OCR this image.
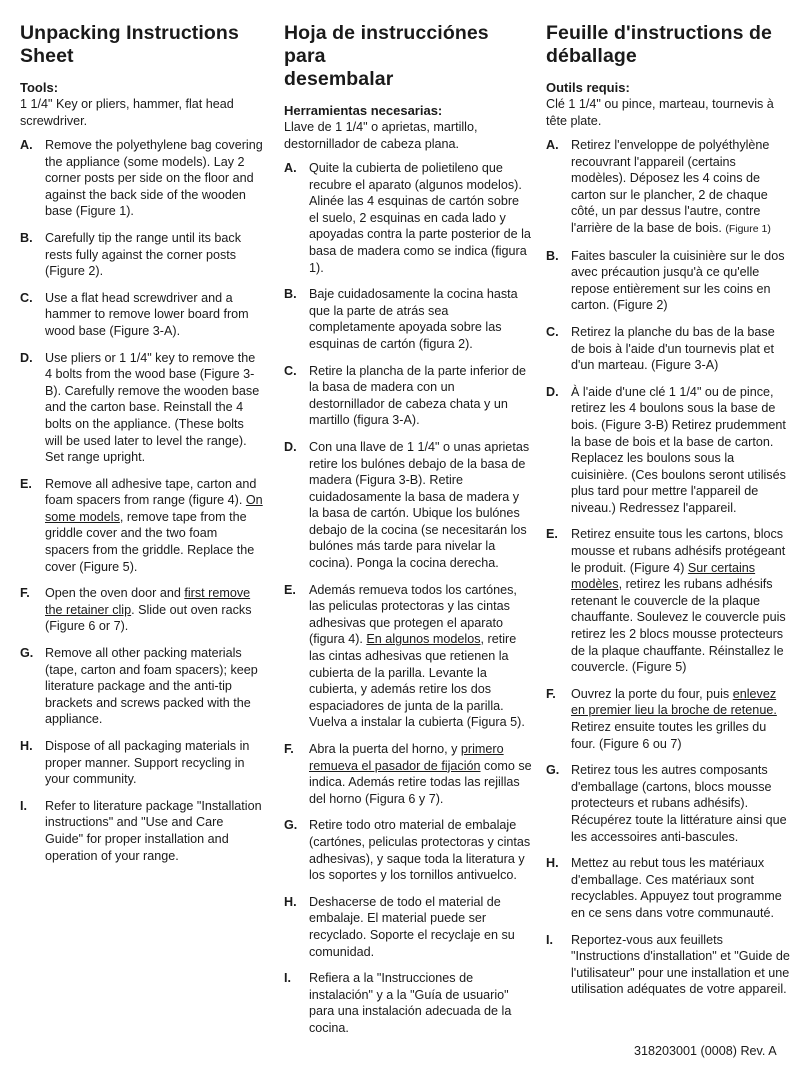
Unpacking Instructions
Sheet
Tools:
1 1/4" Key or pliers, hammer, flat head screwdriver.
A. Remove the polyethylene bag covering the appliance (some models). Lay 2 corner posts per side on the floor and against the back side of the wooden base (Figure 1).
B. Carefully tip the range until its back rests fully against the corner posts (Figure 2).
C. Use a flat head screwdriver and a hammer to remove lower board from wood base (Figure 3-A).
D. Use pliers or 1 1/4" key to remove the 4 bolts from the wood base (Figure 3-B). Carefully remove the wooden base and the carton base. Reinstall the 4 bolts on the appliance. (These bolts will be used later to level the range). Set range upright.
E.	Remove all adhesive tape, carton and foam spacers from range (figure 4). On some models, remove tape from the griddle cover and the two foam spacers from the griddle. Replace the cover (Figure 5).
F.	Open the oven door and first remove the retainer clip. Slide out oven racks (Figure 6 or 7).
G. Remove all other packing materials (tape, carton and foam spacers); keep literature package and the anti-tip brackets and screws packed with the appliance.
H. Dispose of all packaging materials in proper manner. Support recycling in your community.
I.	Refer to literature package "Installation instructions" and "Use and Care Guide" for proper installation and operation of your range.
Hoja de instrucciónes para
desembalar
Herramientas necesarias:
Llave de 1 1/4" o aprietas, martillo, destornillador de cabeza plana.
A. Quite la cubierta de polietileno que recubre el aparato (algunos modelos). Alinée las 4 esquinas de cartón sobre el suelo, 2 esquinas en cada lado y apoyadas contra la parte posterior de la basa de madera como se indica (figura 1).
B. Baje cuidadosamente la cocina hasta que la parte de atrás sea completamente apoyada sobre las esquinas de cartón (figura 2).
C. Retire la plancha de la parte inferior de la basa de madera con un destornillador de cabeza chata y un martillo (figura 3-A).
D. Con una llave de 1 1/4" o unas aprietas retire los bulónes debajo de la basa de madera (Figura 3-B). Retire cuidadosamente la basa de madera y la basa de cartón. Ubique los bulónes debajo de la cocina (se necesitarán los bulónes más tarde para nivelar la cocina). Ponga la cocina derecha.
E.	Además remueva todos los cartónes, las peliculas protectoras y las cintas adhesivas que protegen el aparato (figura 4). En algunos modelos, retire las cintas adhesivas que retienen la cubierta de la parilla. Levante la cubierta, y además retire los dos espaciadores de junta de la parilla. Vuelva a instalar la cubierta (Figura 5).
F.	Abra la puerta del horno, y primero remueva el pasador de fijación como se indica. Además retire todas las rejillas del horno (Figura 6 y 7).
G. Retire todo otro material de embalaje (cartónes, peliculas protectoras y cintas adhesivas), y saque toda la literatura y los soportes y los tornillos antivuelco.
H. Deshacerse de todo el material de embalaje. El material puede ser recyclado. Soporte el recyclaje en su comunidad.
I.	Refiera a la "Instrucciones de instalación" y a la "Guía de usuario" para una instalación adecuada de la cocina.
Feuille d'instructions de
déballage
Outils requis:
Clé 1 1/4" ou pince, marteau, tournevis à tête plate.
A. Retirez l'enveloppe de polyéthylène recouvrant l'appareil (certains modèles). Déposez les 4 coins de carton sur le plancher, 2 de chaque côté, un par dessus l'autre, contre l'arrière de la base de bois. (Figure 1)
B. Faites basculer la cuisinière sur le dos avec précaution jusqu'à ce qu'elle repose entièrement sur les coins en carton. (Figure 2)
C. Retirez la planche du bas de la base de bois à l'aide d'un tournevis plat et d'un marteau. (Figure 3-A)
D. À l'aide d'une clé 1 1/4" ou de pince, retirez les 4 boulons sous la base de bois. (Figure 3-B) Retirez prudemment la base de bois et la base de carton. Replacez les boulons sous la cuisinière. (Ces boulons seront utilisés plus tard pour mettre l'appareil de niveau.) Redressez l'appareil.
E.	Retirez ensuite tous les cartons, blocs mousse et rubans adhésifs protégeant le produit. (Figure 4) Sur certains modèles, retirez les rubans adhésifs retenant le couvercle de la plaque chauffante. Soulevez le couvercle puis retirez les 2 blocs mousse protecteurs de la plaque chauffante. Réinstallez le couvercle. (Figure 5)
F.	Ouvrez la porte du four, puis enlevez en premier lieu la broche de retenue. Retirez ensuite toutes les grilles du four. (Figure 6 ou 7)
G. Retirez tous les autres composants d'emballage (cartons, blocs mousse protecteurs et rubans adhésifs). Récupérez toute la littérature ainsi que les accessoires anti-bascules.
H. Mettez au rebut tous les matériaux d'emballage. Ces matériaux sont recyclables. Appuyez tout programme en ce sens dans votre communauté.
I.	Reportez-vous aux feuillets "Instructions d'installation" et "Guide de l'utilisateur" pour une installation et une utilisation adéquates de votre appareil.
318203001 (0008) Rev. A
